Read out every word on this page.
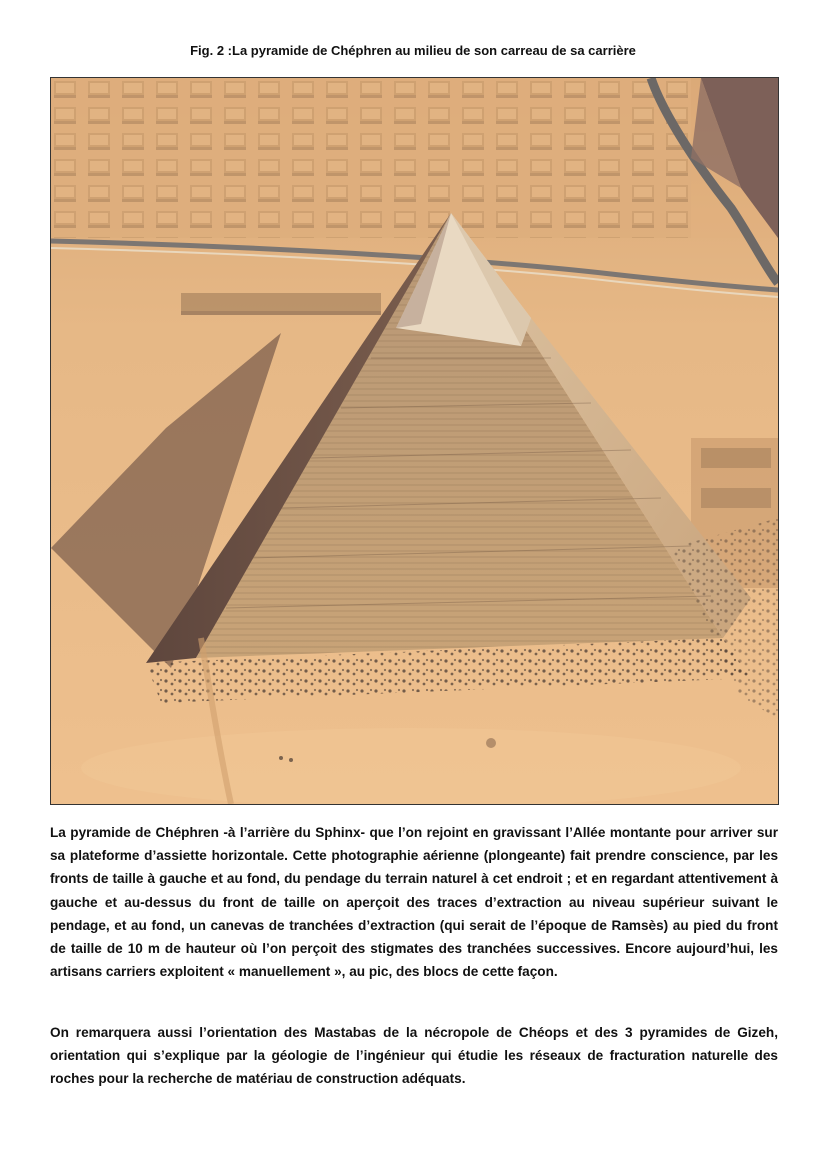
Fig. 2 :La pyramide de Chéphren au milieu de son carreau de sa carrière

La pyramide de Chéphren -à l’arrière du Sphinx- que l’on rejoint en gravissant l’Allée montante pour arriver sur sa plateforme d’assiette horizontale. Cette photographie aérienne (plongeante) fait prendre conscience, par les fronts de taille à gauche et au fond, du pendage du terrain naturel à cet endroit ; et en regardant attentivement à gauche et au-dessus du front de taille on aperçoit des traces d’extraction au niveau supérieur suivant le pendage, et au fond, un canevas de tranchées d’extraction (qui serait de l’époque de Ramsès) au pied du front de taille de 10 m de hauteur où l’on perçoit des stigmates des tranchées successives. Encore aujourd’hui, les artisans carriers exploitent « manuellement », au pic, des blocs de cette façon.

On remarquera aussi l’orientation des Mastabas de la nécropole de Chéops et des 3 pyramides de Gizeh, orientation qui s’explique par la géologie de l’ingénieur qui étudie les réseaux de fracturation naturelle des roches pour la recherche de matériau de construction adéquats.
